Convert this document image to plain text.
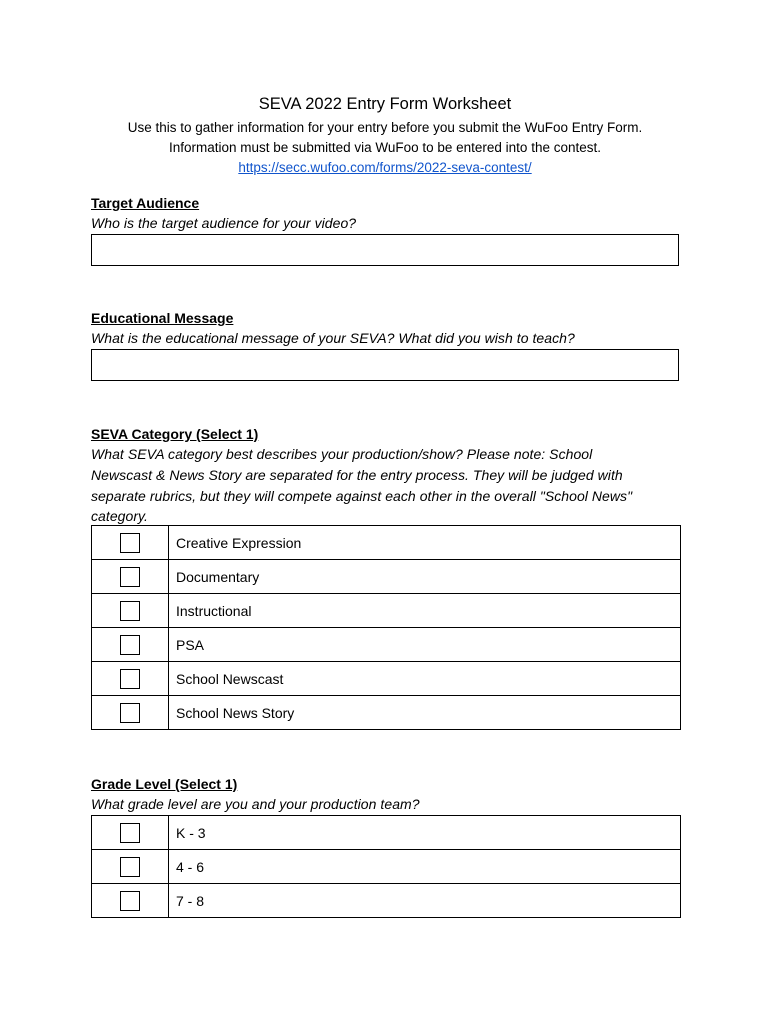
SEVA 2022 Entry Form Worksheet

Use this to gather information for your entry before you submit the WuFoo Entry Form.

Information must be submitted via WuFoo to be entered into the contest.

https://secc.wufoo.com/forms/2022-seva-contest/

Target Audience

Who is the target audience for your video?

Educational Message

What is the educational message of your SEVA? What did you wish to teach?

SEVA Category (Select 1)

What SEVA category best describes your production/show? Please note: School

Newscast & News Story are separated for the entry process. They will be judged with

separate rubrics, but they will compete against each other in the overall "School News"

category.

	Creative Expression
	Documentary
	Instructional
	PSA
	School Newscast
	School News Story

Grade Level (Select 1)

What grade level are you and your production team?

	K - 3
	4 - 6
	7 - 8
